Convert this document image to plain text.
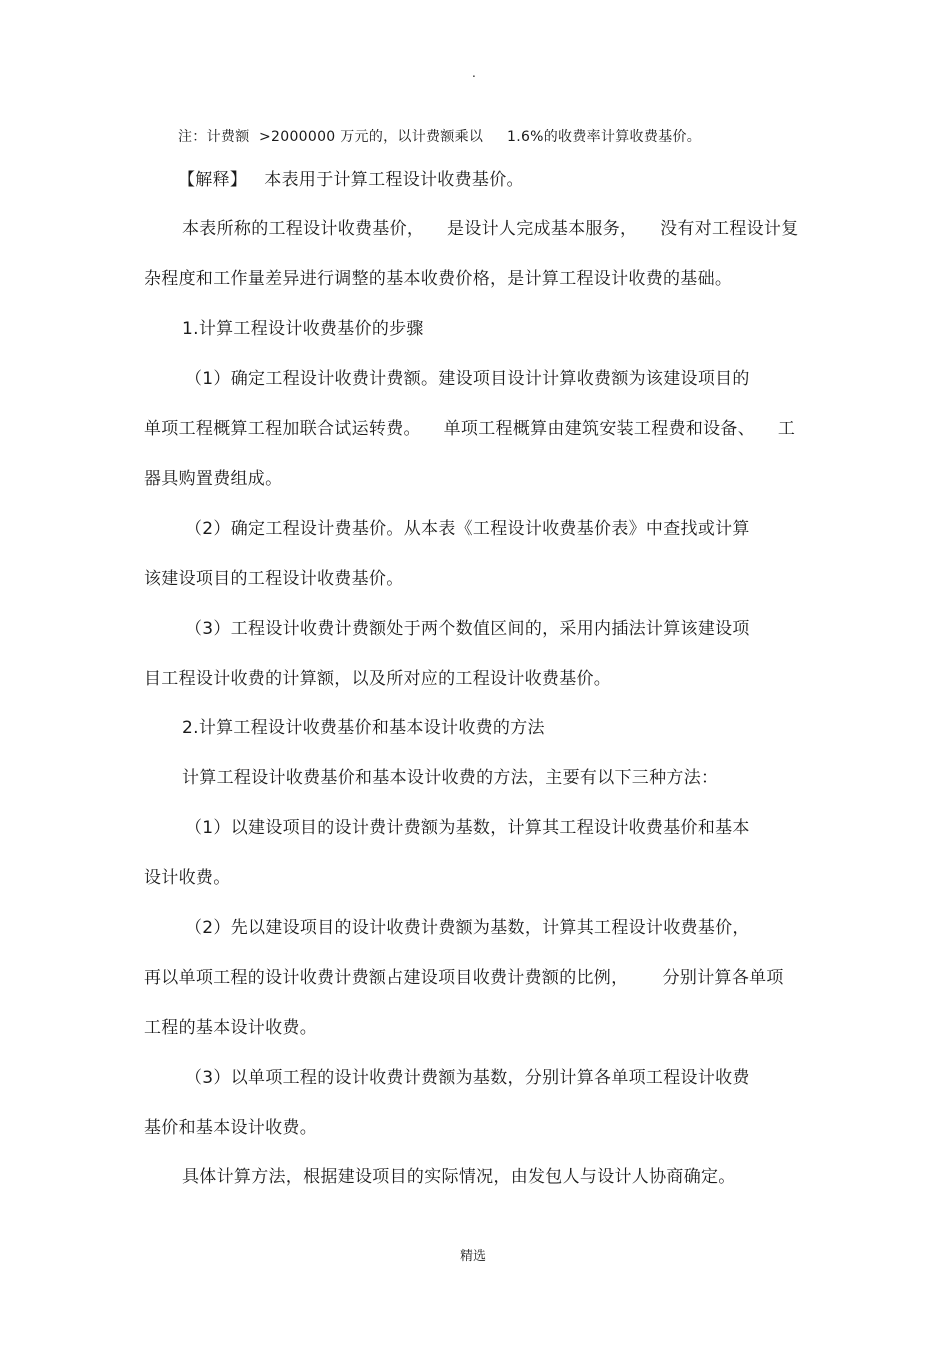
.
注：计费额  >2000000 万元的，以计费额乘以     1.6%的收费率计算收费基价。
【解释】   本表用于计算工程设计收费基价。
本表所称的工程设计收费基价，    是设计人完成基本服务，    没有对工程设计复
杂程度和工作量差异进行调整的基本收费价格，是计算工程设计收费的基础。
1.计算工程设计收费基价的步骤
（1）确定工程设计收费计费额。建设项目设计计算收费额为该建设项目的
单项工程概算工程加联合试运转费。    单项工程概算由建筑安装工程费和设备、    工
器具购置费组成。
（2）确定工程设计费基价。从本表《工程设计收费基价表》中查找或计算
该建设项目的工程设计收费基价。
（3）工程设计收费计费额处于两个数值区间的，采用内插法计算该建设项
目工程设计收费的计算额，以及所对应的工程设计收费基价。
2.计算工程设计收费基价和基本设计收费的方法
计算工程设计收费基价和基本设计收费的方法，主要有以下三种方法：
（1）以建设项目的设计费计费额为基数，计算其工程设计收费基价和基本
设计收费。
（2）先以建设项目的设计收费计费额为基数，计算其工程设计收费基价，
再以单项工程的设计收费计费额占建设项目收费计费额的比例，      分别计算各单项
工程的基本设计收费。
（3）以单项工程的设计收费计费额为基数，分别计算各单项工程设计收费
基价和基本设计收费。
具体计算方法，根据建设项目的实际情况，由发包人与设计人协商确定。
精选
